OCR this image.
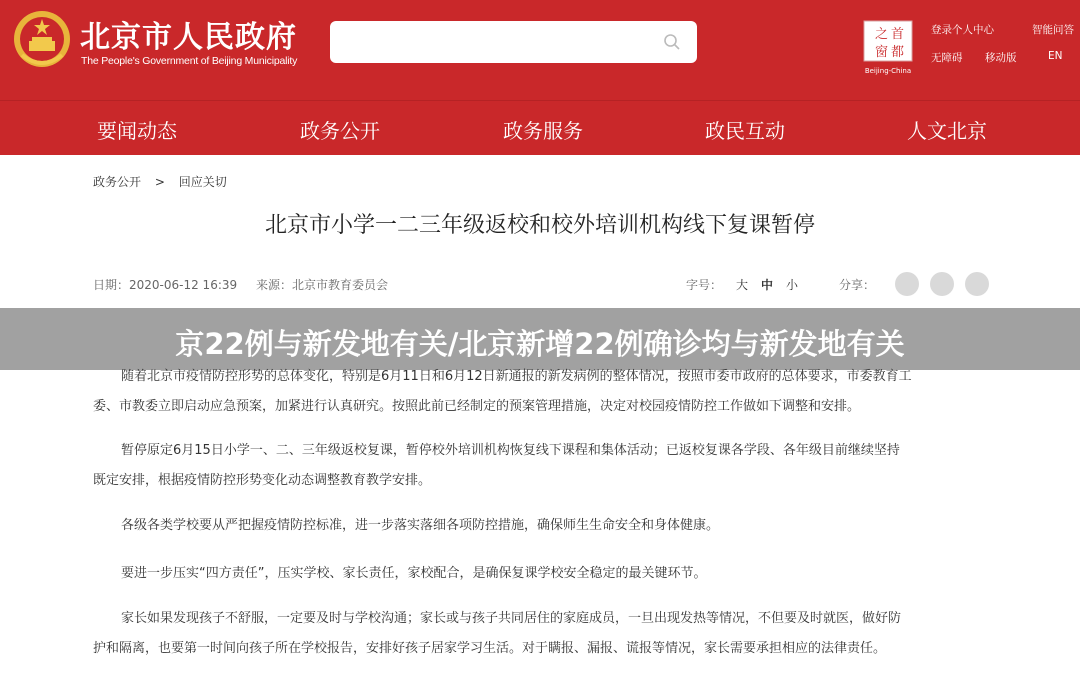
北京市人民政府
The People's Government of Beijing Municipality
之 首
窗 都
Beijing-China
登录个人中心	智能问答
无障碍 移动版	EN
要闻动态	政务公开	政务服务	政民互动	人文北京
政务公开 > 回应关切
北京市小学一二三年级返校和校外培训机构线下复课暂停
日期：2020-06-12 16:39 来源：北京市教育委员会	字号： 大 中 小	分享：
京22例与新发地有关/北京新增22例确诊均与新发地有关
随着北京市疫情防控形势的总体变化，特别是6月11日和6月12日新通报的新发病例的整体情况，按照市委市政府的总体要求，市委教育工
委、市教委立即启动应急预案，加紧进行认真研究。按照此前已经制定的预案管理措施，决定对校园疫情防控工作做如下调整和安排。
暂停原定6月15日小学一、二、三年级返校复课，暂停校外培训机构恢复线下课程和集体活动；已返校复课各学段、各年级目前继续坚持
既定安排，根据疫情防控形势变化动态调整教育教学安排。
各级各类学校要从严把握疫情防控标准，进一步落实落细各项防控措施，确保师生生命安全和身体健康。
要进一步压实“四方责任”，压实学校、家长责任，家校配合，是确保复课学校安全稳定的最关键环节。
家长如果发现孩子不舒服，一定要及时与学校沟通；家长或与孩子共同居住的家庭成员，一旦出现发热等情况，不但要及时就医，做好防
护和隔离，也要第一时间向孩子所在学校报告，安排好孩子居家学习生活。对于瞒报、漏报、谎报等情况，家长需要承担相应的法律责任。
